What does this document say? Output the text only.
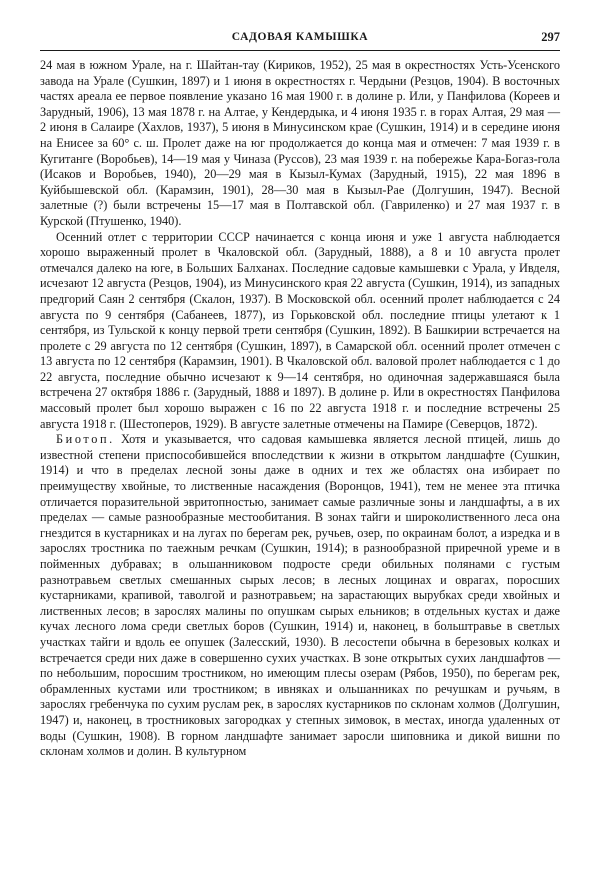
САДОВАЯ КАМЫШКА	297

24 мая в южном Урале, на г. Шайтан-тау (Кириков, 1952), 25 мая в окрестностях Усть-Усенского завода на Урале (Сушкин, 1897) и 1 июня в окрестностях г. Чердыни (Резцов, 1904). В восточных частях ареала ее первое появление указано 16 мая 1900 г. в долине р. Или, у Панфилова (Кореев и Зарудный, 1906), 13 мая 1878 г. на Алтае, у Кендердыка, и 4 июня 1935 г. в горах Алтая, 29 мая — 2 июня в Салаире (Хахлов, 1937), 5 июня в Минусинском крае (Сушкин, 1914) и в середине июня на Енисее за 60° с. ш. Пролет даже на юг продолжается до конца мая и отмечен: 7 мая 1939 г. в Кугитанге (Воробьев), 14—19 мая у Чиназа (Руссов), 23 мая 1939 г. на побережье Кара-Богаз-гола (Исаков и Воробьев, 1940), 20—29 мая в Кызыл-Кумах (Зарудный, 1915), 22 мая 1896 в Куйбышевской обл. (Карамзин, 1901), 28—30 мая в Кызыл-Рае (Долгушин, 1947). Весной залетные (?) были встречены 15—17 мая в Полтавской обл. (Гавриленко) и 27 мая 1937 г. в Курской (Птушенко, 1940).

Осенний отлет с территории СССР начинается с конца июня и уже 1 августа наблюдается хорошо выраженный пролет в Чкаловской обл. (Зарудный, 1888), а 8 и 10 августа пролет отмечался далеко на юге, в Больших Балханах. Последние садовые камышевки с Урала, у Ивделя, исчезают 12 августа (Резцов, 1904), из Минусинского края 22 августа (Сушкин, 1914), из западных предгорий Саян 2 сентября (Скалон, 1937). В Московской обл. осенний пролет наблюдается с 24 августа по 9 сентября (Сабанеев, 1877), из Горьковской обл. последние птицы улетают к 1 сентября, из Тульской к концу первой трети сентября (Сушкин, 1892). В Башкирии встречается на пролете с 29 августа по 12 сентября (Сушкин, 1897), в Самарской обл. осенний пролет отмечен с 13 августа по 12 сентября (Карамзин, 1901). В Чкаловской обл. валовой пролет наблюдается с 1 до 22 августа, последние обычно исчезают к 9—14 сентября, но одиночная задержавшаяся была встречена 27 октября 1886 г. (Зарудный, 1888 и 1897). В долине р. Или в окрестностях Панфилова массовый пролет был хорошо выражен с 16 по 22 августа 1918 г. и последние встречены 25 августа 1918 г. (Шестоперов, 1929). В августе залетные отмечены на Памире (Северцов, 1872).

Биотоп. Хотя и указывается, что садовая камышевка является лесной птицей, лишь до известной степени приспособившейся впоследствии к жизни в открытом ландшафте (Сушкин, 1914) и что в пределах лесной зоны даже в одних и тех же областях она избирает по преимуществу хвойные, то лиственные насаждения (Воронцов, 1941), тем не менее эта птичка отличается поразительной эвритопностью, занимает самые различные зоны и ландшафты, а в их пределах — самые разнообразные местообитания. В зонах тайги и широколиственного леса она гнездится в кустарниках и на лугах по берегам рек, ручьев, озер, по окраинам болот, а изредка и в зарослях тростника по таежным речкам (Сушкин, 1914); в разнообразной приречной уреме и в пойменных дубравах; в ольшанниковом подросте среди обильных полянами с густым разнотравьем светлых смешанных сырых лесов; в лесных лощинах и оврагах, поросших кустарниками, крапивой, таволгой и разнотравьем; на зарастающих вырубках среди хвойных и лиственных лесов; в зарослях малины по опушкам сырых ельников; в отдельных кустах и даже кучах лесного лома среди светлых боров (Сушкин, 1914) и, наконец, в больштравье в светлых участках тайги и вдоль ее опушек (Залесский, 1930). В лесостепи обычна в березовых колках и встречается среди них даже в совершенно сухих участках. В зоне открытых сухих ландшафтов — по небольшим, поросшим тростником, но имеющим плесы озерам (Рябов, 1950), по берегам рек, обрамленных кустами или тростником; в ивняках и ольшанниках по речушкам и ручьям, в зарослях гребенчука по сухим руслам рек, в зарослях кустарников по склонам холмов (Долгушин, 1947) и, наконец, в тростниковых загородках у степных зимовок, в местах, иногда удаленных от воды (Сушкин, 1908). В горном ландшафте занимает заросли шиповника и дикой вишни по склонам холмов и долин. В культурном
